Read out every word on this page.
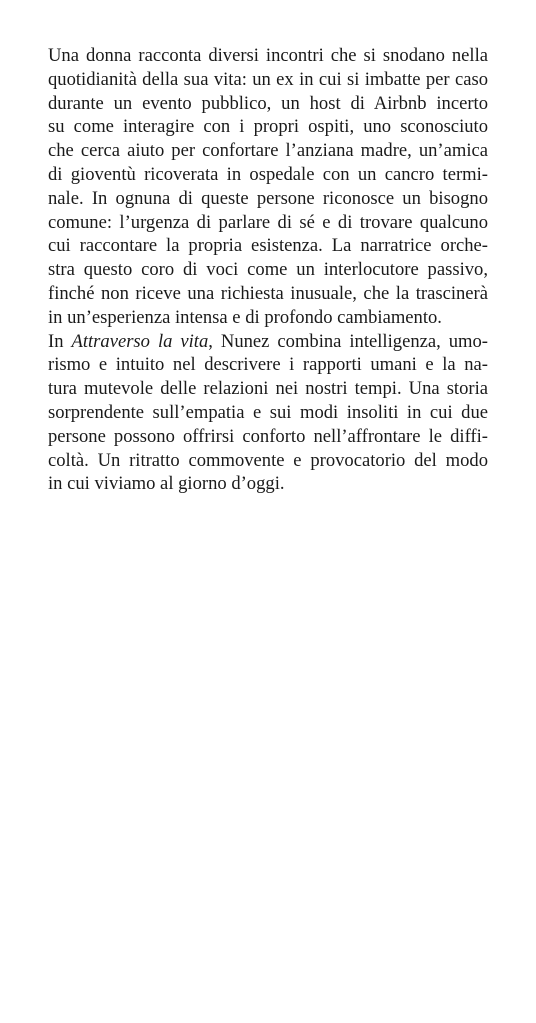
Una donna racconta diversi incontri che si snodano nella
quotidianità della sua vita: un ex in cui si imbatte per caso
durante un evento pubblico, un host di Airbnb incerto
su come interagire con i propri ospiti, uno sconosciuto
che cerca aiuto per confortare l’anziana madre, un’amica
di gioventù ricoverata in ospedale con un cancro termi-
nale. In ognuna di queste persone riconosce un bisogno
comune: l’urgenza di parlare di sé e di trovare qualcuno
cui raccontare la propria esistenza. La narratrice orche-
stra questo coro di voci come un interlocutore passivo,
finché non riceve una richiesta inusuale, che la trascinerà
in un’esperienza intensa e di profondo cambiamento.
In Attraverso la vita, Nunez combina intelligenza, umo-
rismo e intuito nel descrivere i rapporti umani e la na-
tura mutevole delle relazioni nei nostri tempi. Una storia
sorprendente sull’empatia e sui modi insoliti in cui due
persone possono offrirsi conforto nell’affrontare le diffi-
coltà. Un ritratto commovente e provocatorio del modo
in cui viviamo al giorno d’oggi.
